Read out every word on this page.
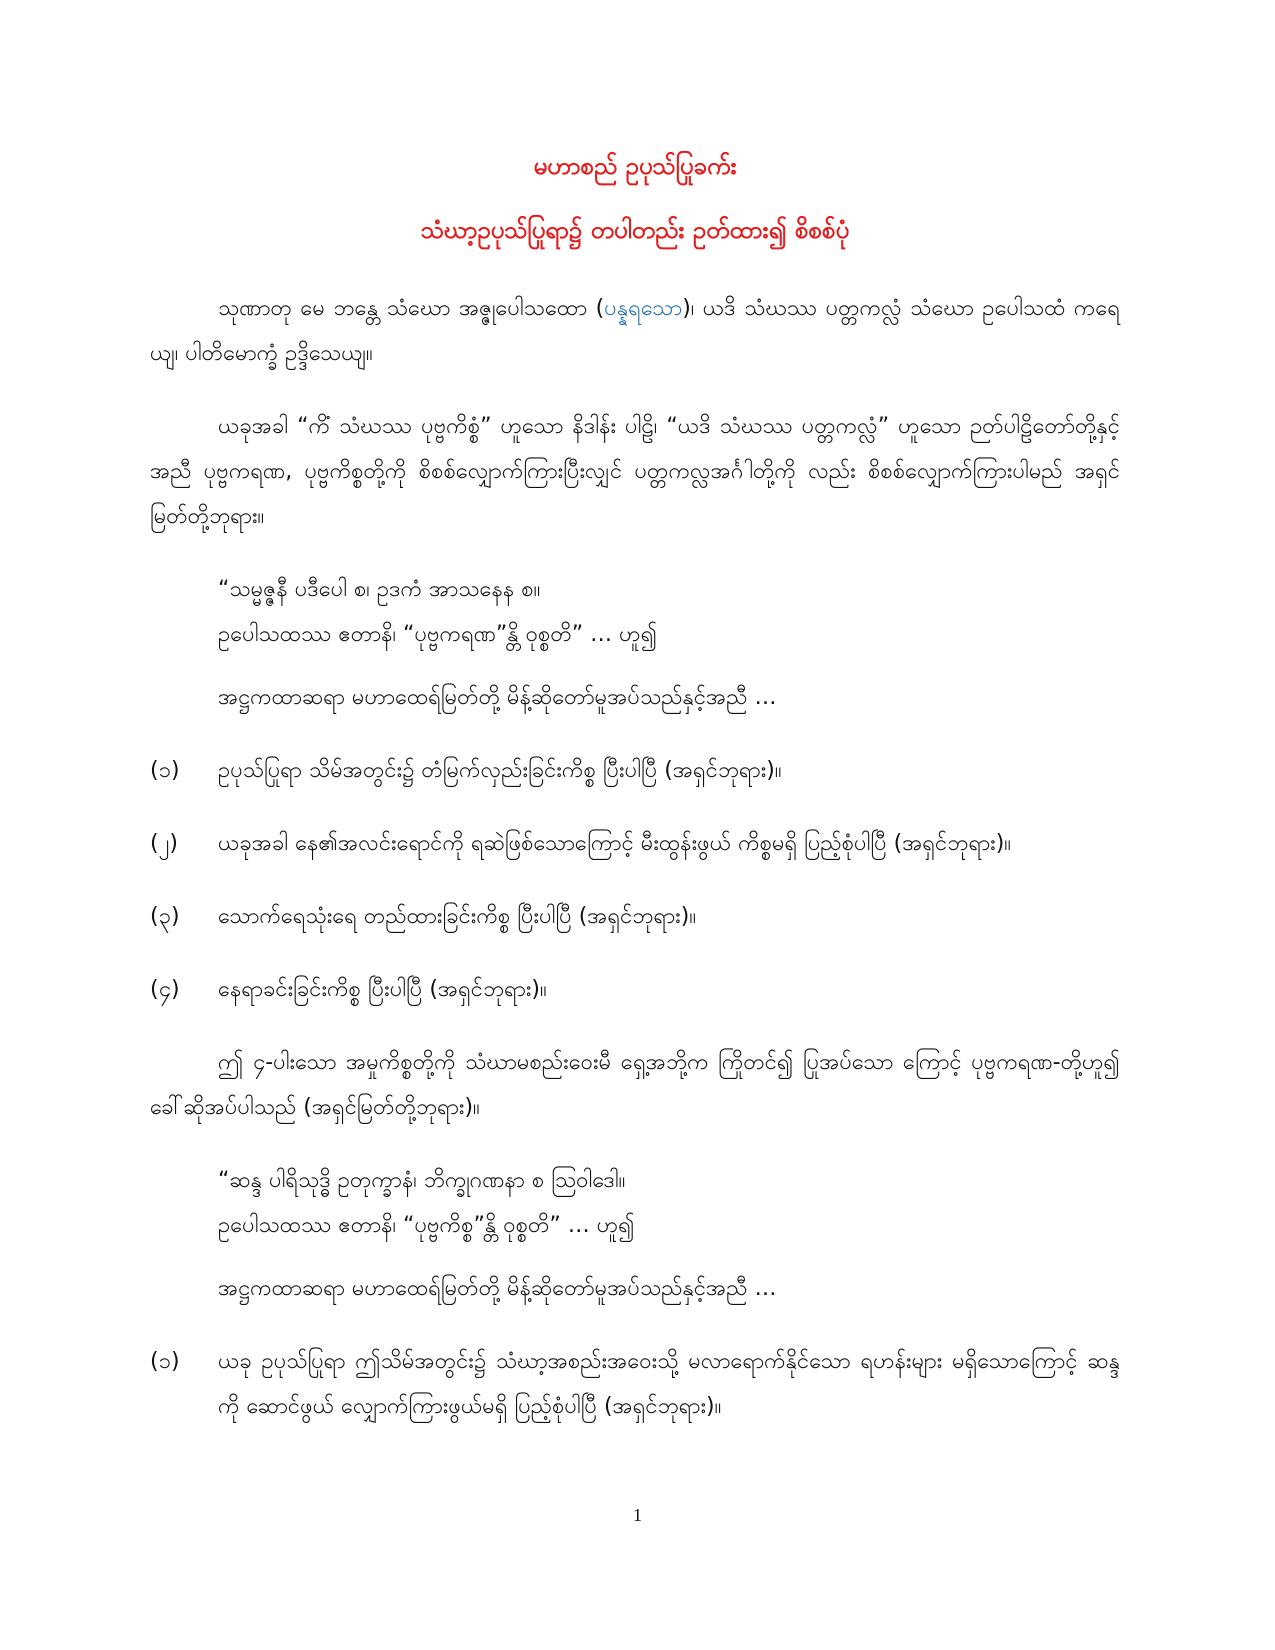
မဟာစည် ဥပုသ်ပြုခက်း
သံဃာ့ဥပုသ်ပြုရာ၌ တပါတည်း ဥတ်ထား၍ စိစစ်ပုံ

သုဏာတု မေ ဘန္တေ သံဃော အဇ္ဇုပေါသထော (ပန္နရသော)၊ ယဒိ သံဃဿ ပတ္တကလ္လံ သံဃော ဥပေါသထံ ကရေယျ၊ ပါတိမောက္ခံ ဥဒ္ဒိသေယျ။

ယခုအခါ “ကိံ သံဃဿ ပုဗ္ဗကိစ္စံ” ဟူသော နိဒါန်း ပါဠိ၊ “ယဒိ သံဃဿ ပတ္တကလ္လံ” ဟူသော ဉတ်ပါဠိတော်တို့နှင့်အညီ ပုဗ္ဗကရဏ, ပုဗ္ဗကိစ္စတို့ကို စိစစ်လျှောက်ကြားပြီးလျှင် ပတ္တကလ္လအင်္ဂါတို့ကို လည်း စိစစ်လျှောက်ကြားပါမည် အရှင်မြတ်တို့ဘုရား။

“သမ္မဇ္ဇနီ ပဒီပေါ စ၊ ဥဒကံ အာသနေန စ။
ဥပေါသထဿ ဧတာနိ၊ “ပုဗ္ဗကရဏ”န္တိ ဝုစ္စတိ” … ဟူ၍

အဋ္ဌကထာဆရာ မဟာထေရ်မြတ်တို့ မိန့်ဆိုတော်မူအပ်သည်နှင့်အညီ …

(၁)	ဥပုသ်ပြုရာ သိမ်အတွင်း၌ တံမြက်လှည်းခြင်းကိစ္စ ပြီးပါပြီ (အရှင်ဘုရား)။
(၂)	ယခုအခါ နေ၏အလင်းရောင်ကို ရဆဲဖြစ်သောကြောင့် မီးထွန်းဖွယ် ကိစ္စမရှိ ပြည့်စုံပါပြီ (အရှင်ဘုရား)။
(၃)	သောက်ရေသုံးရေ တည်ထားခြင်းကိစ္စ ပြီးပါပြီ (အရှင်ဘုရား)။
(၄)	နေရာခင်းခြင်းကိစ္စ ပြီးပါပြီ (အရှင်ဘုရား)။

ဤ ၄-ပါးသော အမှုကိစ္စတို့ကို သံဃာမစည်းဝေးမီ ရှေ့အဘို့က ကြိုတင်၍ ပြုအပ်သော ကြောင့် ပုဗ္ဗကရဏ-တို့ဟူ၍ ခေါ်ဆိုအပ်ပါသည် (အရှင်မြတ်တို့ဘုရား)။

“ဆန္ဒ ပါရိသုဒ္ဓိ ဥတုက္ခာနံ၊ ဘိက္ခုဂဏနာ စ ဩဝါဒေါ။
ဥပေါသထဿ ဧတာနိ၊ “ပုဗ္ဗကိစ္စ”န္တိ ဝုစ္စတိ” … ဟူ၍

အဋ္ဌကထာဆရာ မဟာထေရ်မြတ်တို့ မိန့်ဆိုတော်မူအပ်သည်နှင့်အညီ …

(၁)	ယခု ဥပုသ်ပြုရာ ဤသိမ်အတွင်း၌ သံဃာ့အစည်းအဝေးသို့ မလာရောက်နိုင်သော ရဟန်းများ မရှိသောကြောင့် ဆန္ဒကို ဆောင်ဖွယ် လျှောက်ကြားဖွယ်မရှိ ပြည့်စုံပါပြီ (အရှင်ဘုရား)။
1
